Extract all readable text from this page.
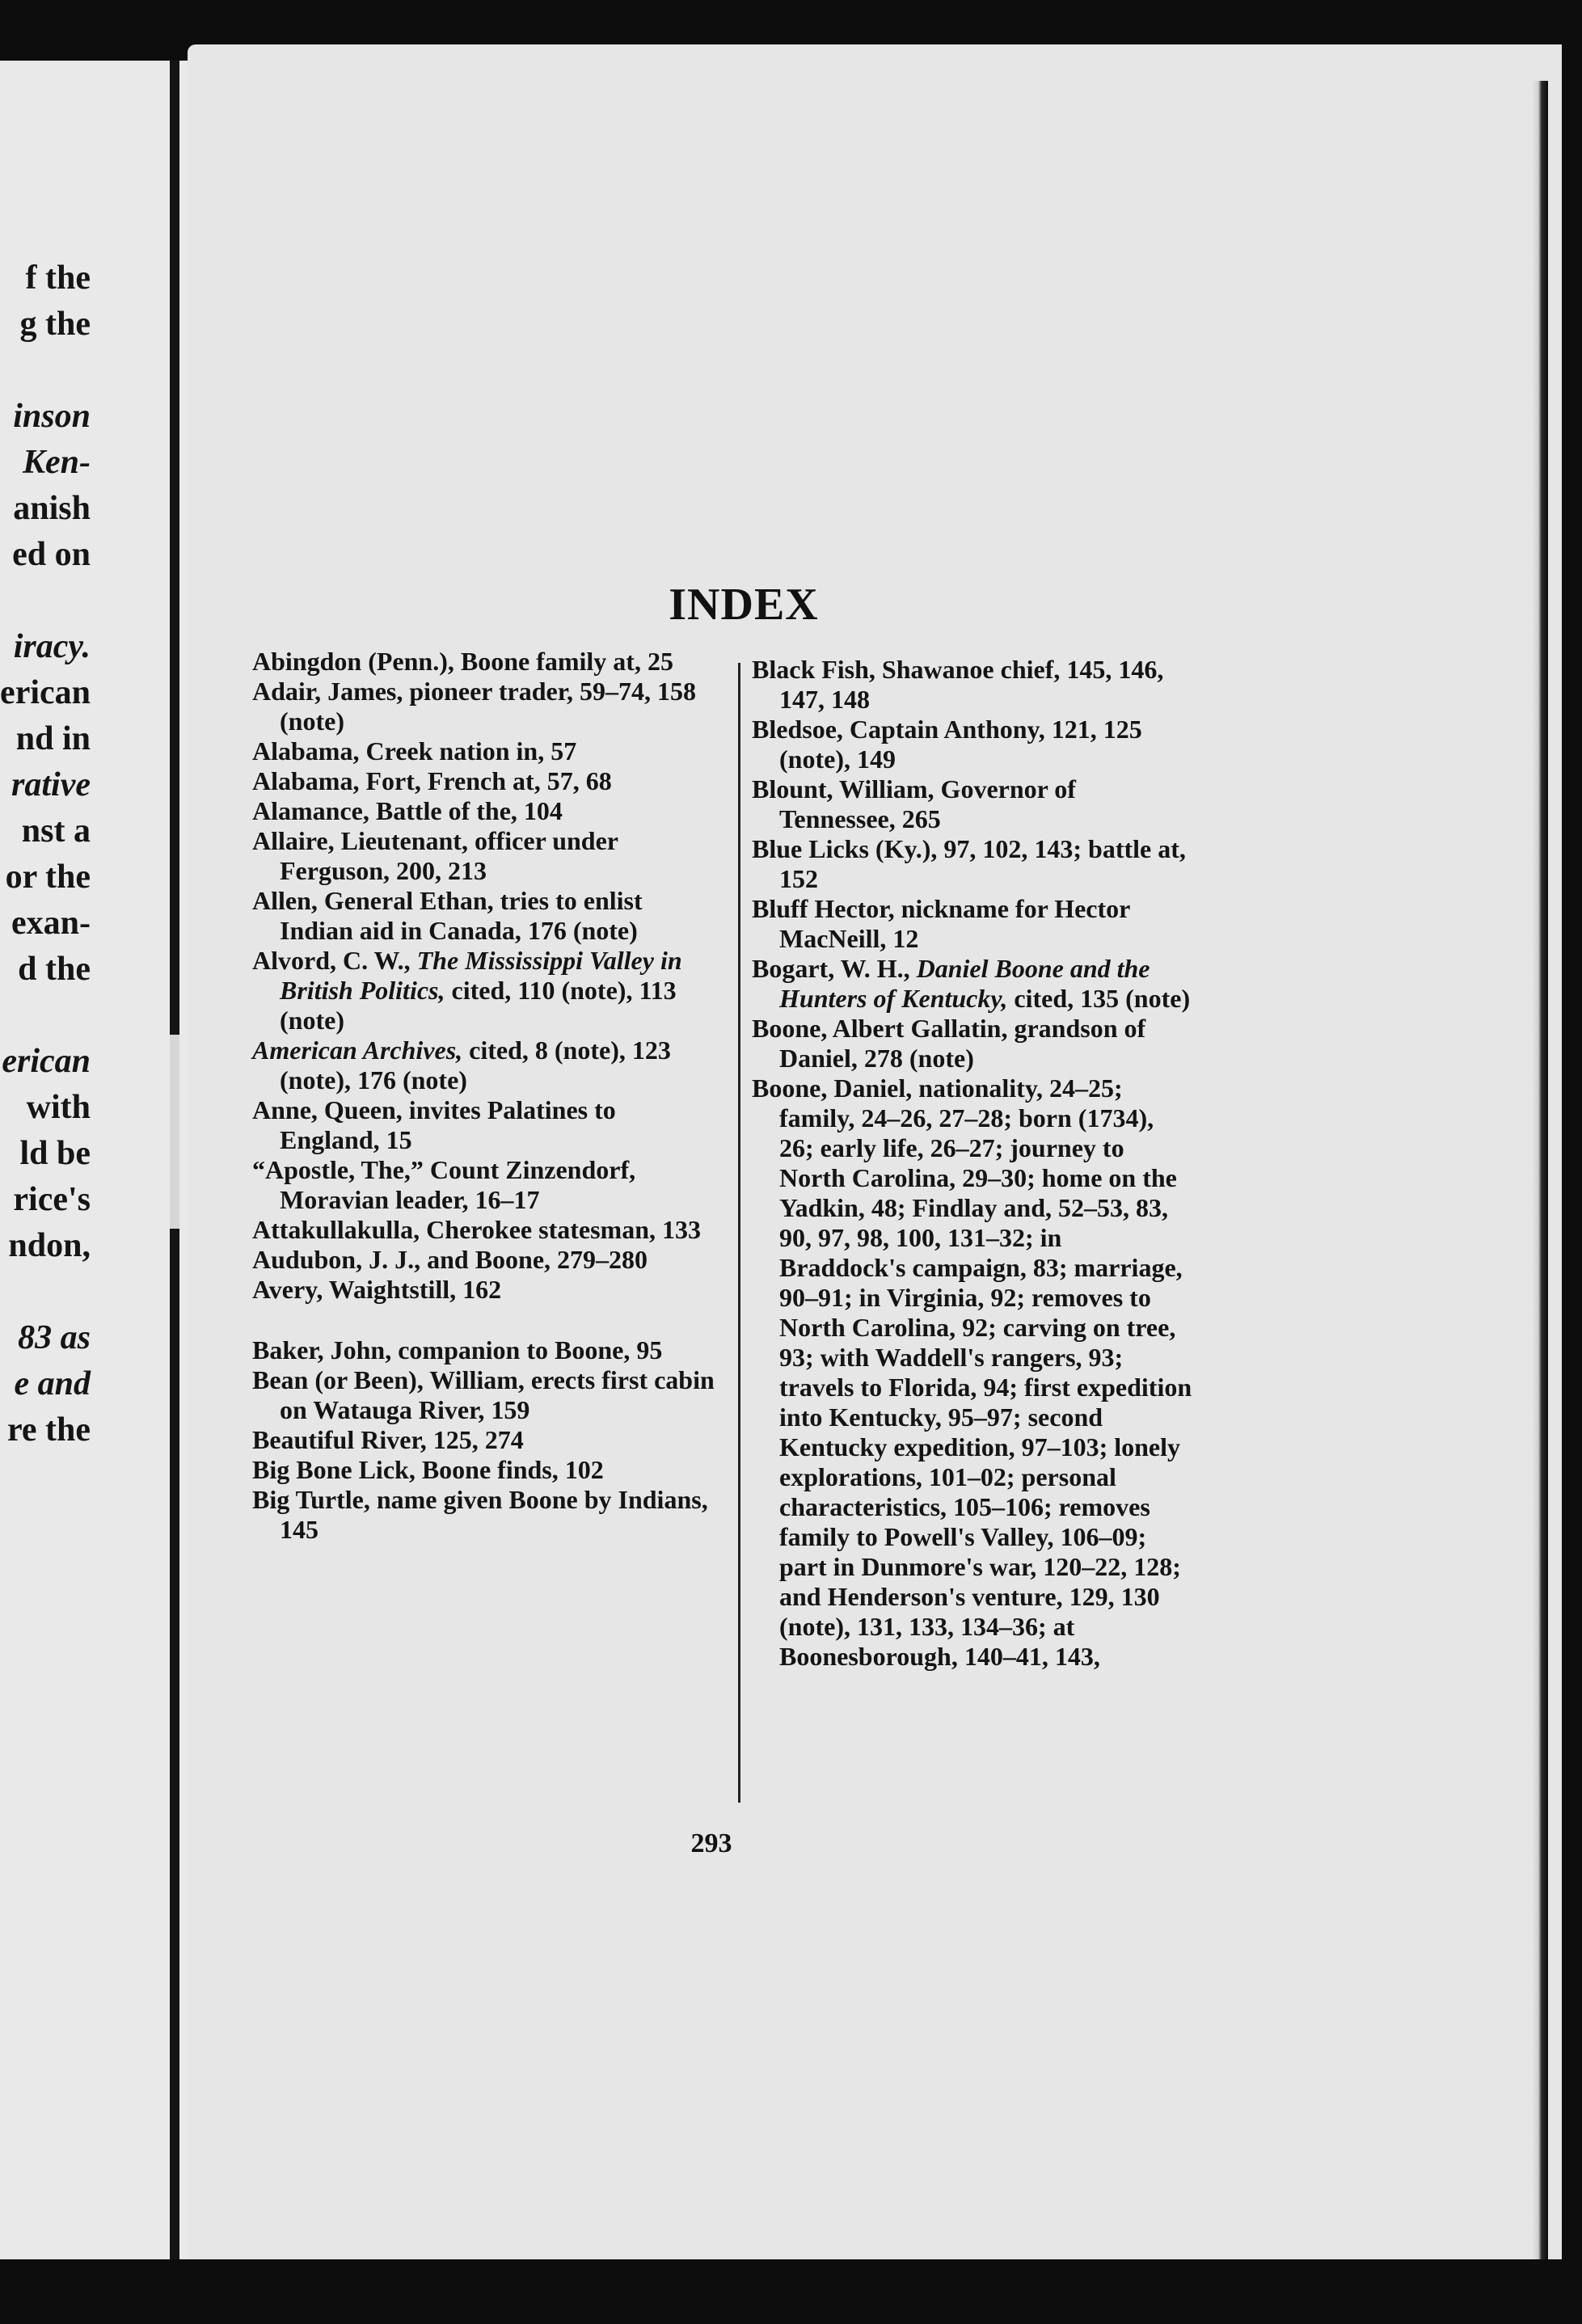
f the
g the
inson
Ken-
anish
ed on
iracy.
erican
nd in
rative
nst a
or the
exan-
d the
erican
with
ld be
rice's
ndon,
83 as
e and
re the
INDEX

Abingdon (Penn.), Boone family at, 25

Adair, James, pioneer trader, 59–74, 158 (note)

Alabama, Creek nation in, 57

Alabama, Fort, French at, 57, 68

Alamance, Battle of the, 104

Allaire, Lieutenant, officer under Ferguson, 200, 213

Allen, General Ethan, tries to enlist Indian aid in Canada, 176 (note)

Alvord, C. W., The Mississippi Valley in British Politics, cited, 110 (note), 113 (note)

American Archives, cited, 8 (note), 123 (note), 176 (note)

Anne, Queen, invites Palatines to England, 15

“Apostle, The,” Count Zinzendorf, Moravian leader, 16–17

Attakullakulla, Cherokee statesman, 133

Audubon, J. J., and Boone, 279–280

Avery, Waightstill, 162

Baker, John, companion to Boone, 95

Bean (or Been), William, erects first cabin on Watauga River, 159

Beautiful River, 125, 274

Big Bone Lick, Boone finds, 102

Big Turtle, name given Boone by Indians, 145

Black Fish, Shawanoe chief, 145, 146, 147, 148

Bledsoe, Captain Anthony, 121, 125 (note), 149

Blount, William, Governor of Tennessee, 265

Blue Licks (Ky.), 97, 102, 143; battle at, 152

Bluff Hector, nickname for Hector MacNeill, 12

Bogart, W. H., Daniel Boone and the Hunters of Kentucky, cited, 135 (note)

Boone, Albert Gallatin, grandson of Daniel, 278 (note)

Boone, Daniel, nationality, 24–25; family, 24–26, 27–28; born (1734), 26; early life, 26–27; journey to North Carolina, 29–30; home on the Yadkin, 48; Findlay and, 52–53, 83, 90, 97, 98, 100, 131–32; in Braddock's campaign, 83; marriage, 90–91; in Virginia, 92; removes to North Carolina, 92; carving on tree, 93; with Waddell's rangers, 93; travels to Florida, 94; first expedition into Kentucky, 95–97; second Kentucky expedition, 97–103; lonely explorations, 101–02; personal characteristics, 105–106; removes family to Powell's Valley, 106–09; part in Dunmore's war, 120–22, 128; and Henderson's venture, 129, 130 (note), 131, 133, 134–36; at Boonesborough, 140–41, 143,

293
